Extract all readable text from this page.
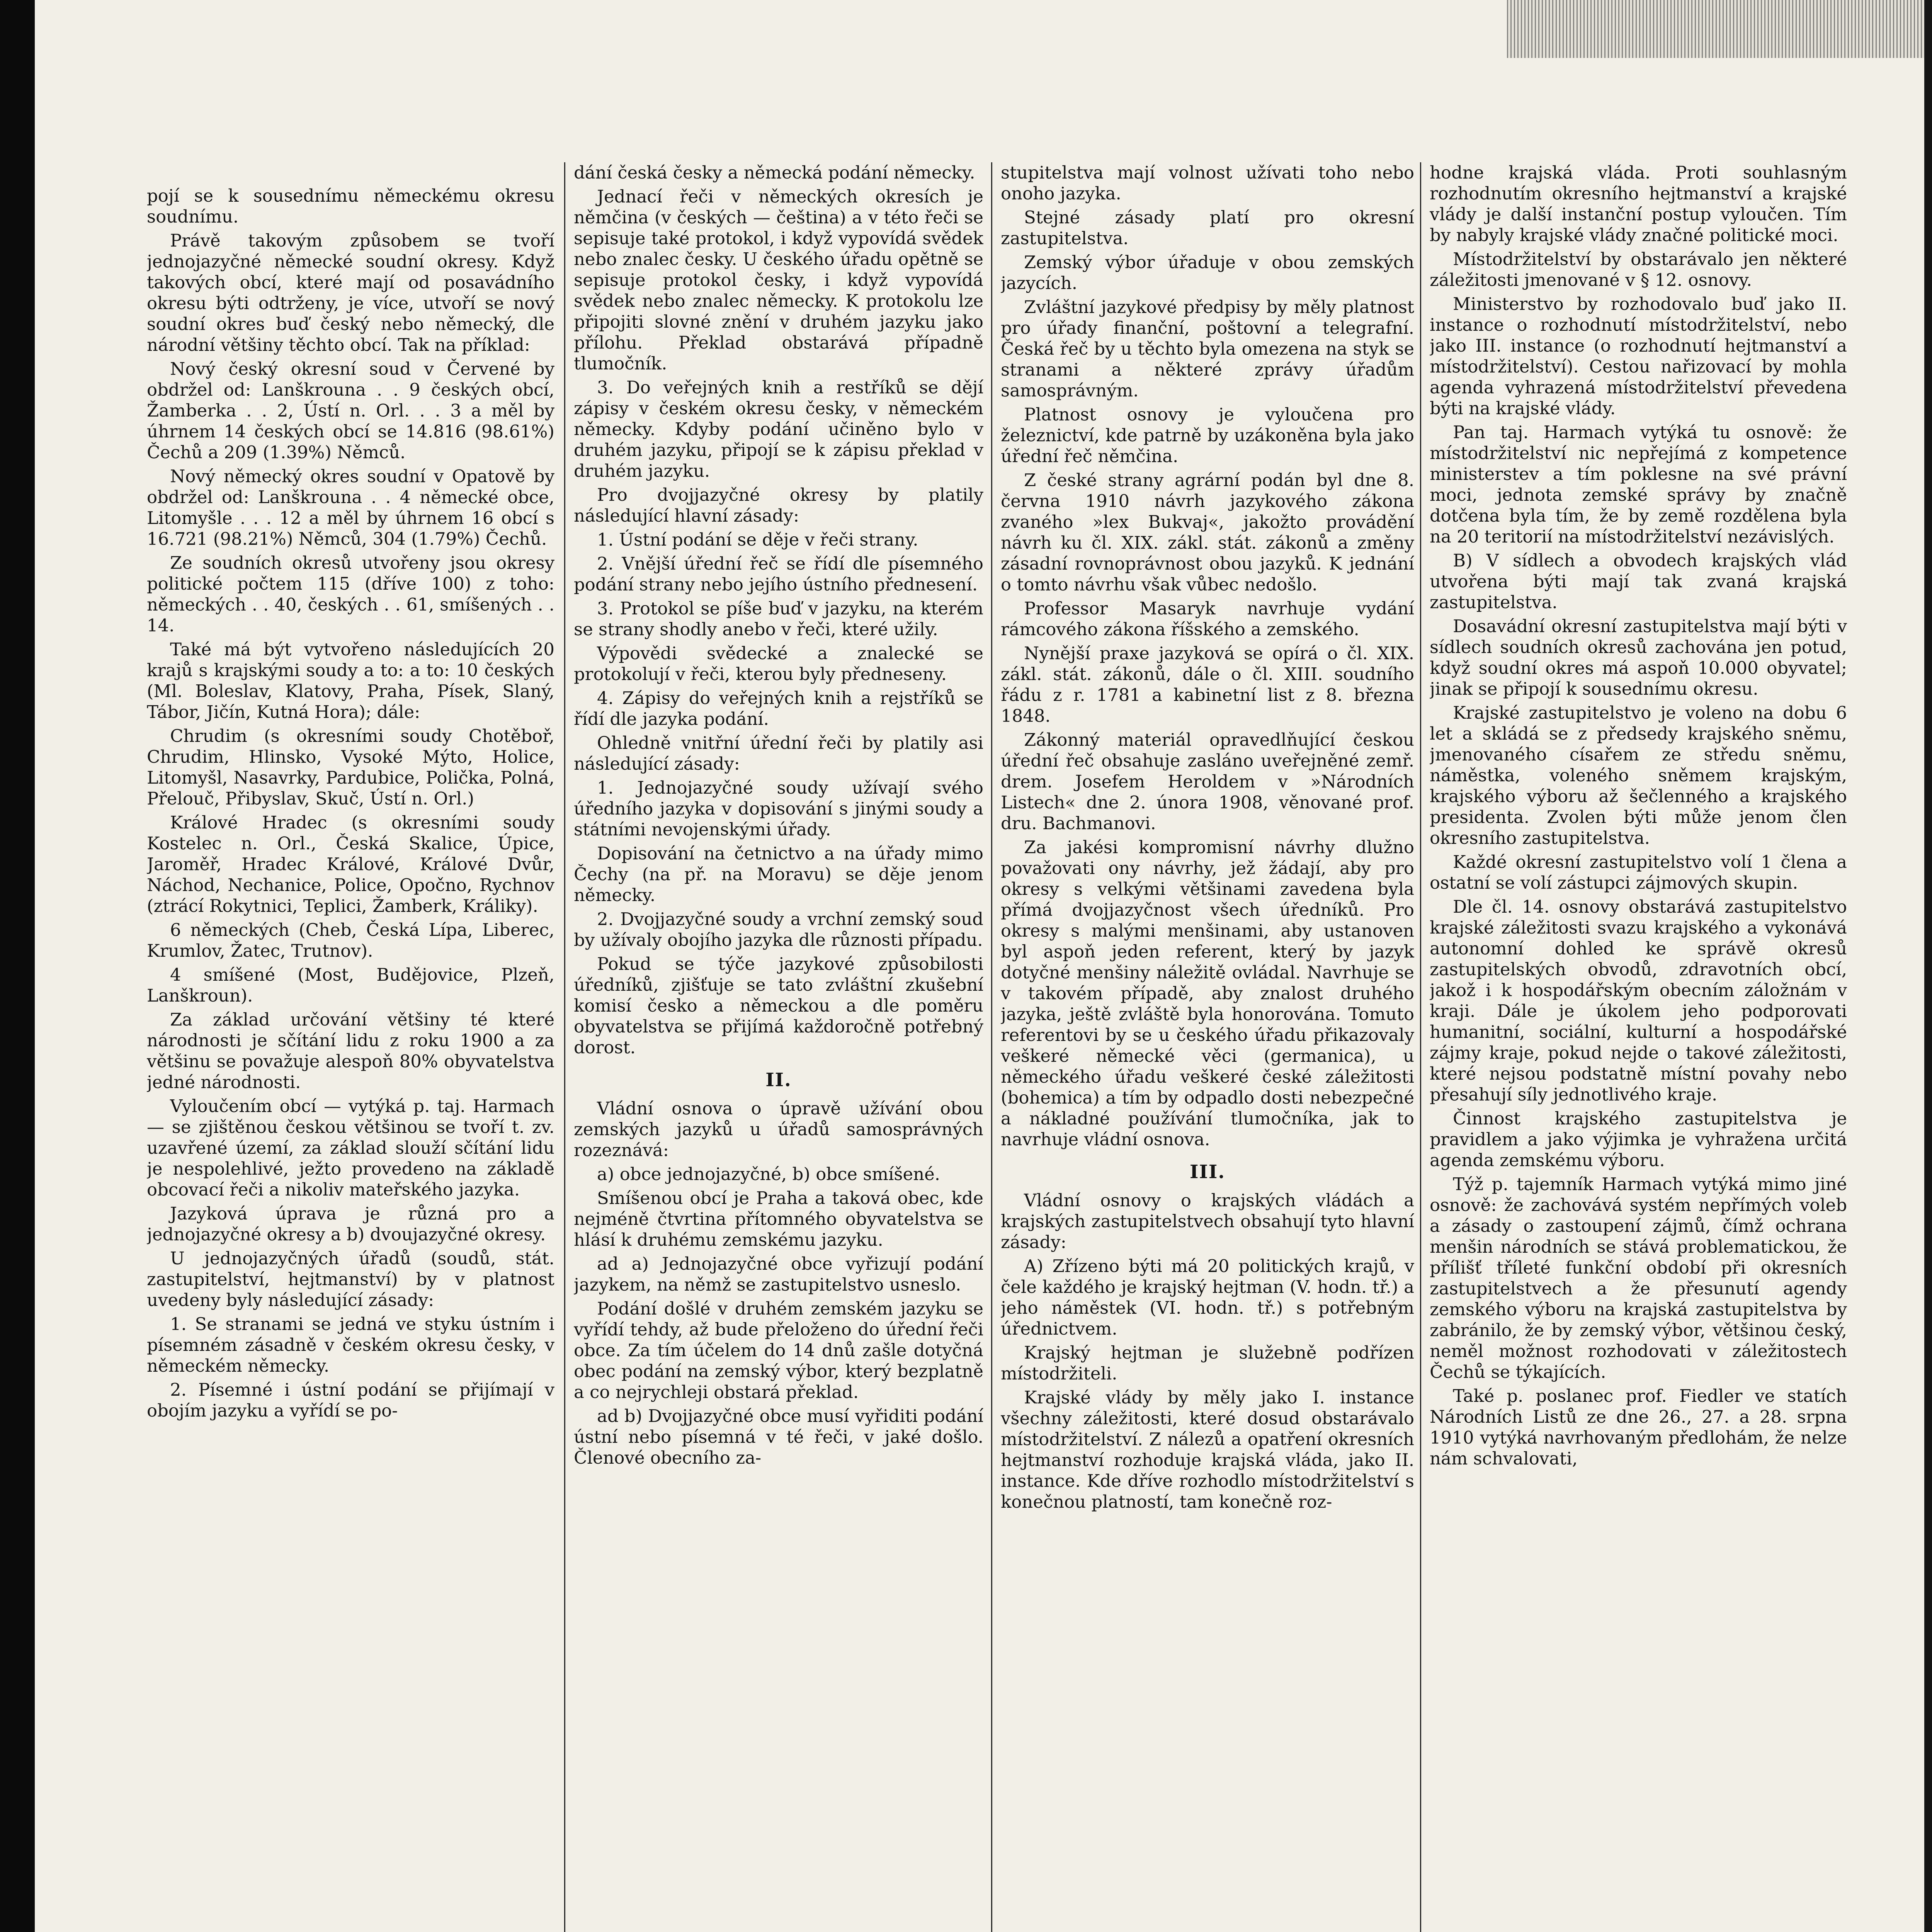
pojí se k sousednímu německému okresu soudnímu.

Právě takovým způsobem se tvoří jednojazyčné německé soudní okresy. Když takových obcí, které mají od posavádního okresu býti odtrženy, je více, utvoří se nový soudní okres buď český nebo německý, dle národní většiny těchto obcí. Tak na příklad:

Nový český okresní soud v Červené by obdržel od: Lanškrouna . . 9 českých obcí, Žamberka . . 2, Ústí n. Orl. . . 3 a měl by úhrnem 14 českých obcí se 14.816 (98.61%) Čechů a 209 (1.39%) Němců.

Nový německý okres soudní v Opatově by obdržel od: Lanškrouna . . 4 německé obce, Litomyšle . . . 12 a měl by úhrnem 16 obcí s 16.721 (98.21%) Němců, 304 (1.79%) Čechů.

Ze soudních okresů utvořeny jsou okresy politické počtem 115 (dříve 100) z toho: německých . . 40, českých . . 61, smíšených . . 14.

Také má být vytvořeno následujících 20 krajů s krajskými soudy a to: a to: 10 českých (Ml. Boleslav, Klatovy, Praha, Písek, Slaný, Tábor, Jičín, Kutná Hora); dále:

Chrudim (s okresními soudy Chotěboř, Chrudim, Hlinsko, Vysoké Mýto, Holice, Litomyšl, Nasavrky, Pardubice, Polička, Polná, Přelouč, Přibyslav, Skuč, Ústí n. Orl.)

Králové Hradec (s okresními soudy Kostelec n. Orl., Česká Skalice, Úpice, Jaroměř, Hradec Králové, Králové Dvůr, Náchod, Nechanice, Police, Opočno, Rychnov (ztrácí Rokytnici, Teplici, Žamberk, Králiky).

6 německých (Cheb, Česká Lípa, Liberec, Krumlov, Žatec, Trutnov).

4 smíšené (Most, Budějovice, Plzeň, Lanškroun).

Za základ určování většiny té které národnosti je sčítání lidu z roku 1900 a za většinu se považuje alespoň 80% obyvatelstva jedné národnosti.

Vyloučením obcí — vytýká p. taj. Harmach — se zjištěnou českou většinou se tvoří t. zv. uzavřené území, za základ slouží sčítání lidu je nespolehlivé, ježto provedeno na základě obcovací řeči a nikoliv mateřského jazyka.

Jazyková úprava je různá pro a jednojazyčné okresy a b) dvoujazyčné okresy.

U jednojazyčných úřadů (soudů, stát. zastupitelství, hejtmanství) by v platnost uvedeny byly následující zásady:

1. Se stranami se jedná ve styku ústním i písemném zásadně v českém okresu česky, v německém německy.

2. Písemné i ústní podání se přijímají v obojím jazyku a vyřídí se po-

dání česká česky a německá podání německy.

Jednací řeči v německých okresích je němčina (v českých — čeština) a v této řeči se sepisuje také protokol, i když vypovídá svědek nebo znalec česky. U českého úřadu opětně se sepisuje protokol česky, i když vypovídá svědek nebo znalec německy. K protokolu lze připojiti slovné znění v druhém jazyku jako přílohu. Překlad obstarává případně tlumočník.

3. Do veřejných knih a restříků se dějí zápisy v českém okresu česky, v německém německy. Kdyby podání učiněno bylo v druhém jazyku, připojí se k zápisu překlad v druhém jazyku.

Pro dvojjazyčné okresy by platily následující hlavní zásady:

1. Ústní podání se děje v řeči strany.

2. Vnější úřední řeč se řídí dle písemného podání strany nebo jejího ústního přednesení.

3. Protokol se píše buď v jazyku, na kterém se strany shodly anebo v řeči, které užily.

Výpovědi svědecké a znalecké se protokolují v řeči, kterou byly předneseny.

4. Zápisy do veřejných knih a rejstříků se řídí dle jazyka podání.

Ohledně vnitřní úřední řeči by platily asi následující zásady:

1. Jednojazyčné soudy užívají svého úředního jazyka v dopisování s jinými soudy a státními nevojenskými úřady.

Dopisování na četnictvo a na úřady mimo Čechy (na př. na Moravu) se děje jenom německy.

2. Dvojjazyčné soudy a vrchní zemský soud by užívaly obojího jazyka dle různosti případu.

Pokud se týče jazykové způsobilosti úředníků, zjišťuje se tato zvláštní zkušební komisí česko a německou a dle poměru obyvatelstva se přijímá každoročně potřebný dorost.

II.

Vládní osnova o úpravě užívání obou zemských jazyků u úřadů samosprávných rozeznává:

a) obce jednojazyčné, b) obce smíšené.

Smíšenou obcí je Praha a taková obec, kde nejméně čtvrtina přítomného obyvatelstva se hlásí k druhému zemskému jazyku.

ad a) Jednojazyčné obce vyřizují podání jazykem, na němž se zastupitelstvo usneslo.

Podání došlé v druhém zemském jazyku se vyřídí tehdy, až bude přeloženo do úřední řeči obce. Za tím účelem do 14 dnů zašle dotyčná obec podání na zemský výbor, který bezplatně a co nejrychleji obstará překlad.

ad b) Dvojjazyčné obce musí vyřiditi podání ústní nebo písemná v té řeči, v jaké došlo. Členové obecního za-

stupitelstva mají volnost užívati toho nebo onoho jazyka.

Stejné zásady platí pro okresní zastupitelstva.

Zemský výbor úřaduje v obou zemských jazycích.

Zvláštní jazykové předpisy by měly platnost pro úřady finanční, poštovní a telegrafní. Česká řeč by u těchto byla omezena na styk se stranami a některé zprávy úřadům samosprávným.

Platnost osnovy je vyloučena pro železnictví, kde patrně by uzákoněna byla jako úřední řeč němčina.

Z české strany agrární podán byl dne 8. června 1910 návrh jazykového zákona zvaného »lex Bukvaj«, jakožto provádění návrh ku čl. XIX. zákl. stát. zákonů a změny zásadní rovnoprávnost obou jazyků. K jednání o tomto návrhu však vůbec nedošlo.

Professor Masaryk navrhuje vydání rámcového zákona říšského a zemského.

Nynější praxe jazyková se opírá o čl. XIX. zákl. stát. zákonů, dále o čl. XIII. soudního řádu z r. 1781 a kabinetní list z 8. března 1848.

Zákonný materiál opravedlňující českou úřední řeč obsahuje zasláno uveřejněné zemř. drem. Josefem Heroldem v »Národních Listech« dne 2. února 1908, věnované prof. dru. Bachmanovi.

Za jakési kompromisní návrhy dlužno považovati ony návrhy, jež žádají, aby pro okresy s velkými většinami zavedena byla přímá dvojjazyčnost všech úředníků. Pro okresy s malými menšinami, aby ustanoven byl aspoň jeden referent, který by jazyk dotyčné menšiny náležitě ovládal. Navrhuje se v takovém případě, aby znalost druhého jazyka, ještě zvláště byla honorována. Tomuto referentovi by se u českého úřadu přikazovaly veškeré německé věci (germanica), u německého úřadu veškeré české záležitosti (bohemica) a tím by odpadlo dosti nebezpečné a nákladné používání tlumočníka, jak to navrhuje vládní osnova.

III.

Vládní osnovy o krajských vládách a krajských zastupitelstvech obsahují tyto hlavní zásady:

A) Zřízeno býti má 20 politických krajů, v čele každého je krajský hejtman (V. hodn. tř.) a jeho náměstek (VI. hodn. tř.) s potřebným úřednictvem.

Krajský hejtman je služebně podřízen místodržiteli.

Krajské vlády by měly jako I. instance všechny záležitosti, které dosud obstarávalo místodržitelství. Z nálezů a opatření okresních hejtmanství rozhoduje krajská vláda, jako II. instance. Kde dříve rozhodlo místodržitelství s konečnou platností, tam konečně roz-

hodne krajská vláda. Proti souhlasným rozhodnutím okresního hejtmanství a krajské vlády je další instanční postup vyloučen. Tím by nabyly krajské vlády značné politické moci.

Místodržitelství by obstarávalo jen některé záležitosti jmenované v § 12. osnovy.

Ministerstvo by rozhodovalo buď jako II. instance o rozhodnutí místodržitelství, nebo jako III. instance (o rozhodnutí hejtmanství a místodržitelství). Cestou nařizovací by mohla agenda vyhrazená místodržitelství převedena býti na krajské vlády.

Pan taj. Harmach vytýká tu osnově: že místodržitelství nic nepřejímá z kompetence ministerstev a tím poklesne na své právní moci, jednota zemské správy by značně dotčena byla tím, že by země rozdělena byla na 20 teritorií na místodržitelství nezávislých.

B) V sídlech a obvodech krajských vlád utvořena býti mají tak zvaná krajská zastupitelstva.

Dosavádní okresní zastupitelstva mají býti v sídlech soudních okresů zachována jen potud, když soudní okres má aspoň 10.000 obyvatel; jinak se připojí k sousednímu okresu.

Krajské zastupitelstvo je voleno na dobu 6 let a skládá se z předsedy krajského sněmu, jmenovaného císařem ze středu sněmu, náměstka, voleného sněmem krajským, krajského výboru až šečlenného a krajského presidenta. Zvolen býti může jenom člen okresního zastupitelstva.

Každé okresní zastupitelstvo volí 1 člena a ostatní se volí zástupci zájmových skupin.

Dle čl. 14. osnovy obstarává zastupitelstvo krajské záležitosti svazu krajského a vykonává autonomní dohled ke správě okresů zastupitelských obvodů, zdravotních obcí, jakož i k hospodářským obecním záložnám v kraji. Dále je úkolem jeho podporovati humanitní, sociální, kulturní a hospodářské zájmy kraje, pokud nejde o takové záležitosti, které nejsou podstatně místní povahy nebo přesahují síly jednotlivého kraje.

Činnost krajského zastupitelstva je pravidlem a jako výjimka je vyhražena určitá agenda zemskému výboru.

Týž p. tajemník Harmach vytýká mimo jiné osnově: že zachovává systém nepřímých voleb a zásady o zastoupení zájmů, čímž ochrana menšin národních se stává problematickou, že přílišť tříleté funkční období při okresních zastupitelstvech a že přesunutí agendy zemského výboru na krajská zastupitelstva by zabránilo, že by zemský výbor, většinou český, neměl možnost rozhodovati v záležitostech Čechů se týkajících.

Také p. poslanec prof. Fiedler ve statích Národních Listů ze dne 26., 27. a 28. srpna 1910 vytýká navrhovaným předlohám, že nelze nám schvalovati,
